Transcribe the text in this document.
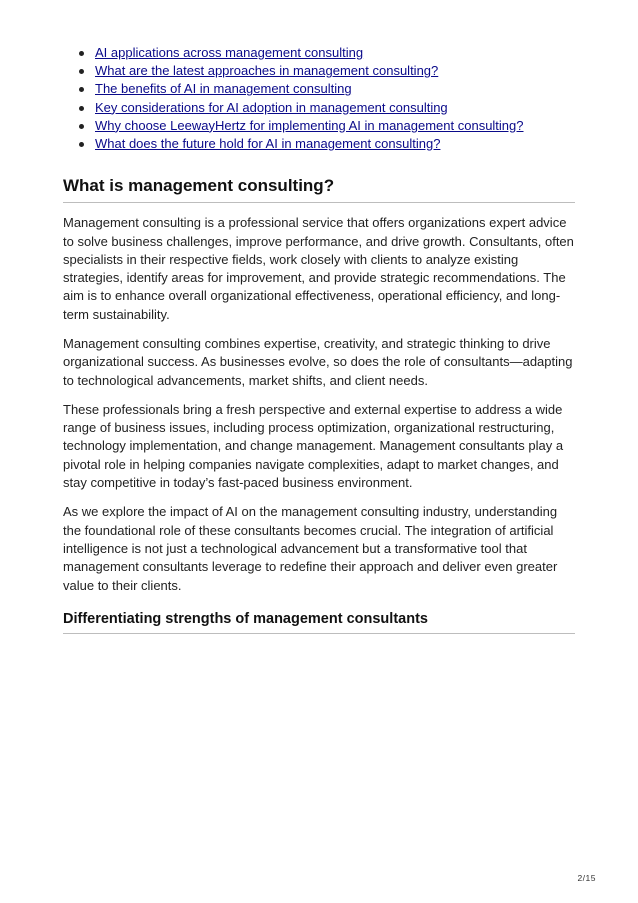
AI applications across management consulting
What are the latest approaches in management consulting?
The benefits of AI in management consulting
Key considerations for AI adoption in management consulting
Why choose LeewayHertz for implementing AI in management consulting?
What does the future hold for AI in management consulting?
What is management consulting?

Management consulting is a professional service that offers organizations expert advice to solve business challenges, improve performance, and drive growth. Consultants, often specialists in their respective fields, work closely with clients to analyze existing strategies, identify areas for improvement, and provide strategic recommendations. The aim is to enhance overall organizational effectiveness, operational efficiency, and long-term sustainability.

Management consulting combines expertise, creativity, and strategic thinking to drive organizational success. As businesses evolve, so does the role of consultants—adapting to technological advancements, market shifts, and client needs.

These professionals bring a fresh perspective and external expertise to address a wide range of business issues, including process optimization, organizational restructuring, technology implementation, and change management. Management consultants play a pivotal role in helping companies navigate complexities, adapt to market changes, and stay competitive in today’s fast-paced business environment.

As we explore the impact of AI on the management consulting industry, understanding the foundational role of these consultants becomes crucial. The integration of artificial intelligence is not just a technological advancement but a transformative tool that management consultants leverage to redefine their approach and deliver even greater value to their clients.

Differentiating strengths of management consultants
2/15
